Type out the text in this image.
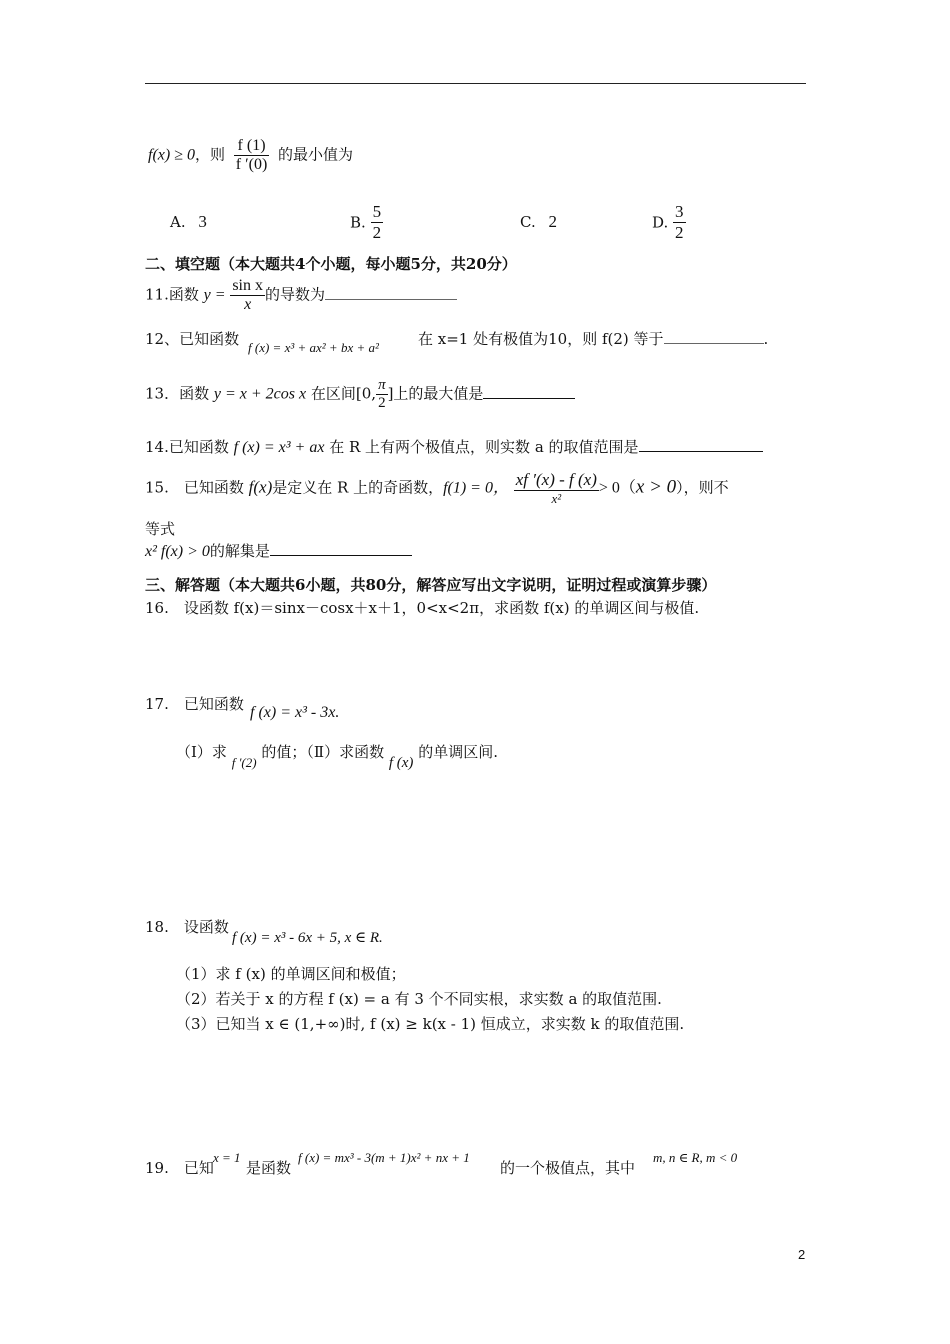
f(x) ≥ 0，则 $\frac{f (1)}{f '(0)}$ 的最小值为
A. 3	B. $\frac{5}{2}$	C. 2	D. $\frac{3}{2}$
二、填空题（本大题共4个小题，每小题5分，共20分）
11.函数 $y = \frac{\text{sin x}}{x}$ 的导数为
12、已知函数 f (x) = x³ + ax² + bx + a²	在 x=1 处有极值为10，则 f(2) 等于	.
13．函数 y = x + 2cos x 在区间[0, $\frac{\pi}{2}$ ]上的最大值是
14.已知函数 f (x) = x³ + ax 在 R 上有两个极值点，则实数 a 的取值范围是
15.　已知函数 f(x)是定义在 R 上的奇函数，f(1) = 0， $\frac{xf '(x) - f (x)}{\text{x²}} > 0(x > 0)$，则不
等式
x² f(x) > 0的解集是
三、解答题（本大题共6小题，共80分，解答应写出文字说明，证明过程或演算步骤）
16.　设函数 f(x)＝sinx－cosx＋x＋1，0<x<2π，求函数 f(x) 的单调区间与极值.
17.　已知函数 f (x) = x³ - 3x.
（Ⅰ）求 f ′(2) 的值；（Ⅱ）求函数 f (x) 的单调区间.
18.　设函数
f (x) = x³ - 6x + 5, x ∈ R.
（1）求 f (x) 的单调区间和极值；
（2）若关于 x 的方程 f (x) = a 有 3 个不同实根，求实数 a 的取值范围.
（3）已知当 x ∈ (1,+∞)时, f (x) ≥ k(x - 1) 恒成立，求实数 k 的取值范围.
19.　已知
x = 1
是函数
f (x) = mx³ - 3(m + 1)x² + nx + 1
的一个极值点，其中
m, n ∈ R, m < 0
2
